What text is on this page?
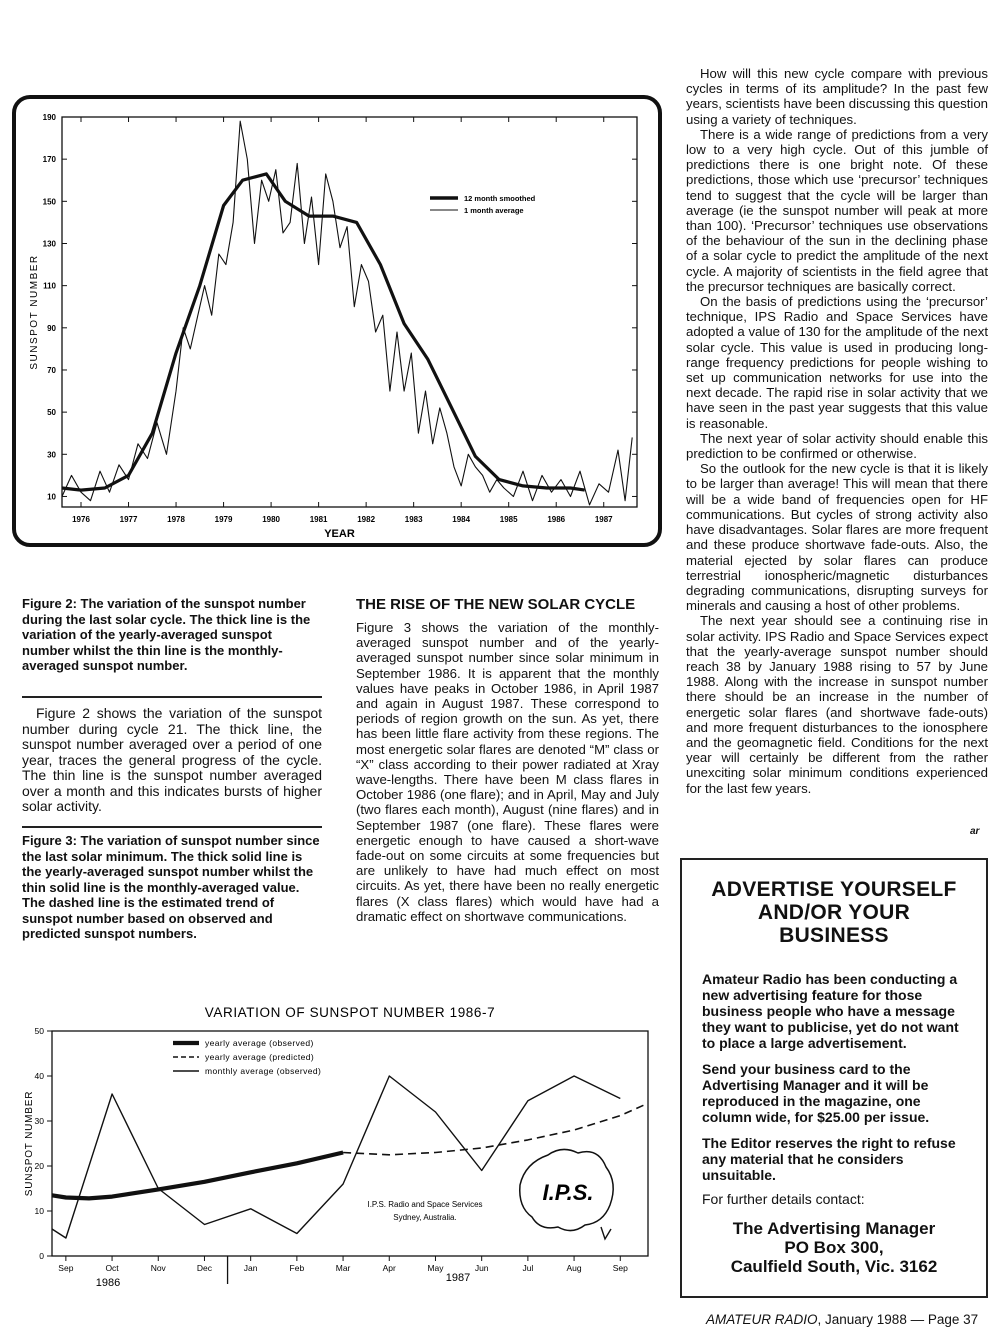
190
170
150
130
110
90
70
50
30
10
1976	1977	1978	1979	1980	1981	1982	1983	1984	1985	1986	1987
YEAR
SUNSPOT NUMBER
12 month smoothed
1 month average
Figure 2: The variation of the sunspot number during the last solar cycle. The thick line is the variation of the yearly-averaged sunspot number whilst the thin line is the monthly-averaged sunspot number.

Figure 2 shows the variation of the sunspot number during cycle 21. The thick line, the sunspot number averaged over a period of one year, traces the general progress of the cycle. The thin line is the sunspot number averaged over a month and this indicates bursts of higher solar activity.

Figure 3: The variation of sunspot number since the last solar minimum. The thick solid line is the yearly-averaged sunspot number whilst the thin solid line is the monthly-averaged value. The dashed line is the estimated trend of sunspot number based on observed and predicted sunspot numbers.
THE RISE OF THE NEW SOLAR CYCLE

Figure 3 shows the variation of the monthly-averaged sunspot number and of the yearly-averaged sunspot number since solar minimum in September 1986. It is apparent that the monthly values have peaks in October 1986, in April 1987 and again in August 1987. These correspond to periods of region growth on the sun. As yet, there has been little flare activity from these regions. The most energetic solar flares are denoted “M” class or “X” class according to their power radiated at Xray wave-lengths. There have been M class flares in October 1986 (one flare); and in April, May and July (two flares each month), August (nine flares) and in September 1987 (one flare). These flares were energetic enough to have caused a short-wave fade-out on some circuits at some frequencies but are unlikely to have had much effect on most circuits. As yet, there have been no really energetic flares (X class flares) which would have had a dramatic effect on shortwave communications.

How will this new cycle compare with previous cycles in terms of its amplitude? In the past few years, scientists have been discussing this question using a variety of techniques.

There is a wide range of predictions from a very low to a very high cycle. Out of this jumble of predictions there is one bright note. Of these predictions, those which use ‘precursor’ techniques tend to suggest that the cycle will be larger than average (ie the sunspot number will peak at more than 100). ‘Precursor’ techniques use observations of the behaviour of the sun in the declining phase of a solar cycle to predict the amplitude of the next cycle. A majority of scientists in the field agree that the precursor techniques are basically correct.

On the basis of predictions using the ‘precursor’ technique, IPS Radio and Space Services have adopted a value of 130 for the amplitude of the next solar cycle. This value is used in producing long-range frequency predictions for people wishing to set up communication networks for use into the next decade. The rapid rise in solar activity that we have seen in the past year suggests that this value is reasonable.

The next year of solar activity should enable this prediction to be confirmed or otherwise.

So the outlook for the new cycle is that it is likely to be larger than average! This will mean that there will be a wide band of frequencies open for HF communications. But cycles of strong activity also have disadvantages. Solar flares are more frequent and these produce shortwave fade-outs. Also, the material ejected by solar flares can produce terrestrial ionospheric/magnetic disturbances degrading communications, disrupting surveys for minerals and causing a host of other problems.

The next year should see a continuing rise in solar activity. IPS Radio and Space Services expect that the yearly-average sunspot number should reach 38 by January 1988 rising to 57 by June 1988. Along with the increase in sunspot number there should be an increase in the number of energetic solar flares (and shortwave fade-outs) and more frequent disturbances to the ionosphere and the geomagnetic field. Conditions for the next year will certainly be different from the rather unexciting solar minimum conditions experienced for the last few years.

ar
ADVERTISE YOURSELF
AND/OR YOUR
BUSINESS

Amateur Radio has been conducting a new advertising feature for those business people who have a message they want to publicise, yet do not want to place a large advertisement.

Send your business card to the Advertising Manager and it will be reproduced in the magazine, one column wide, for $25.00 per issue.

The Editor reserves the right to refuse any material that he considers unsuitable.

For further details contact:

The Advertising Manager
PO Box 300,
Caulfield South, Vic. 3162
VARIATION OF SUNSPOT NUMBER 1986-7
50
40
30
20
10
0
Sep	Oct	Nov	Dec	Jan	Feb	Mar	Apr	May	Jun	Jul	Aug	Sep
1986	1987
SUNSPOT NUMBER
yearly average (observed)
yearly average (predicted)
monthly average (observed)
I.P.S. Radio and Space Services
Sydney, Australia.
I.P.S.
AMATEUR RADIO, January 1988 — Page 37
